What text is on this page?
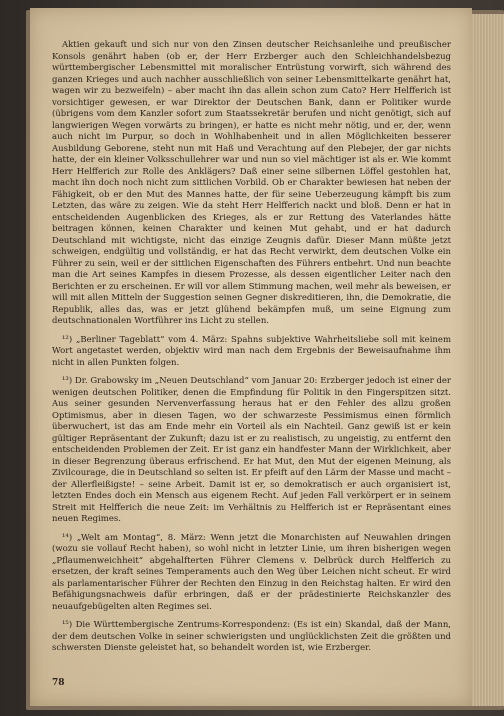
Aktien gekauft und sich nur von den Zinsen deutscher Reichsanleihe und preußischer Konsols genährt haben (ob er, der Herr Erzberger auch den Schleichhandelsbezug württembergischer Lebensmittel mit moralischer Entrüstung vorwirft, sich während des ganzen Krieges und auch nachher ausschließlich von seiner Lebensmittelkarte genährt hat, wagen wir zu bezweifeln) – aber macht ihn das allein schon zum Cato? Herr Helfferich ist vorsichtiger gewesen, er war Direktor der Deutschen Bank, dann er Politiker wurde (übrigens vom dem Kanzler sofort zum Staatssekretär berufen und nicht genötigt, sich auf langwierigen Wegen vorwärts zu bringen), er hatte es nicht mehr nötig, und er, der, wenn auch nicht im Purpur, so doch in Wohlhabenheit und in allen Möglichkeiten besserer Ausbildung Geborene, steht nun mit Haß und Verachtung auf den Plebejer, der gar nichts hatte, der ein kleiner Volksschullehrer war und nun so viel mächtiger ist als er. Wie kommt Herr Helfferich zur Rolle des Anklägers? Daß einer seine silbernen Löffel gestohlen hat, macht ihn doch noch nicht zum sittlichen Vorbild. Ob er Charakter bewiesen hat neben der Fähigkeit, ob er den Mut des Mannes hatte, der für seine Ueberzeugung kämpft bis zum Letzten, das wäre zu zeigen. Wie da steht Herr Helfferich nackt und bloß. Denn er hat in entscheidenden Augenblicken des Krieges, als er zur Rettung des Vaterlandes hätte beitragen können, keinen Charakter und keinen Mut gehabt, und er hat dadurch Deutschland mit wichtigste, nicht das einzige Zeugnis dafür. Dieser Mann müßte jetzt schweigen, endgültig und vollständig, er hat das Recht verwirkt, dem deutschen Volke ein Führer zu sein, weil er der sittlichen Eigenschaften des Führers entbehrt. Und nun beachte man die Art seines Kampfes in diesem Prozesse, als dessen eigentlicher Leiter nach den Berichten er zu erscheinen. Er will vor allem Stimmung machen, weil mehr als beweisen, er will mit allen Mitteln der Suggestion seinen Gegner diskreditieren, ihn, die Demokratie, die Republik, alles das, was er jetzt glühend bekämpfen muß, um seine Eignung zum deutschnationalen Wortführer ins Licht zu stellen.

¹²) „Berliner Tageblatt“ vom 4. März: Spahns subjektive Wahrheitsliebe soll mit keinem Wort angetastet werden, objektiv wird man nach dem Ergebnis der Beweisaufnahme ihm nicht in allen Punkten folgen.

¹³) Dr. Grabowsky im „Neuen Deutschland“ vom Januar 20: Erzberger jedoch ist einer der wenigen deutschen Politiker, denen die Empfindung für Politik in den Fingerspitzen sitzt. Aus seiner gesunden Nervenverfassung heraus hat er den Fehler des allzu großen Optimismus, aber in diesen Tagen, wo der schwarzeste Pessimismus einen förmlich überwuchert, ist das am Ende mehr ein Vorteil als ein Nachteil. Ganz gewiß ist er kein gültiger Repräsentant der Zukunft; dazu ist er zu realistisch, zu ungeistig, zu entfernt den entscheidenden Problemen der Zeit. Er ist ganz ein handfester Mann der Wirklichkeit, aber in dieser Begrenzung überaus erfrischend. Er hat Mut, den Mut der eigenen Meinung, als Zivilcourage, die in Deutschland so selten ist. Er pfeift auf den Lärm der Masse und macht – der Allerfleißigste! – seine Arbeit. Damit ist er, so demokratisch er auch organisiert ist, letzten Endes doch ein Mensch aus eigenem Recht. Auf jeden Fall verkörpert er in seinem Streit mit Helfferich die neue Zeit: im Verhältnis zu Helfferich ist er Repräsentant eines neuen Regimes.

¹⁴) „Welt am Montag“, 8. März: Wenn jetzt die Monarchisten auf Neuwahlen dringen (wozu sie vollauf Recht haben), so wohl nicht in letzter Linie, um ihren bisherigen wegen „Pflaumenweichheit“ abgehalfterten Führer Clemens v. Delbrück durch Helfferich zu ersetzen, der kraft seines Temperaments auch den Weg über Leichen nicht scheut. Er wird als parlamentarischer Führer der Rechten den Einzug in den Reichstag halten. Er wird den Befähigungsnachweis dafür erbringen, daß er der prädestinierte Reichskanzler des neuaufgebügelten alten Regimes sei.

¹⁵) Die Württembergische Zentrums-Korrespondenz: (Es ist ein) Skandal, daß der Mann, der dem deutschen Volke in seiner schwierigsten und unglücklichsten Zeit die größten und schwersten Dienste geleistet hat, so behandelt worden ist, wie Erzberger.

78
